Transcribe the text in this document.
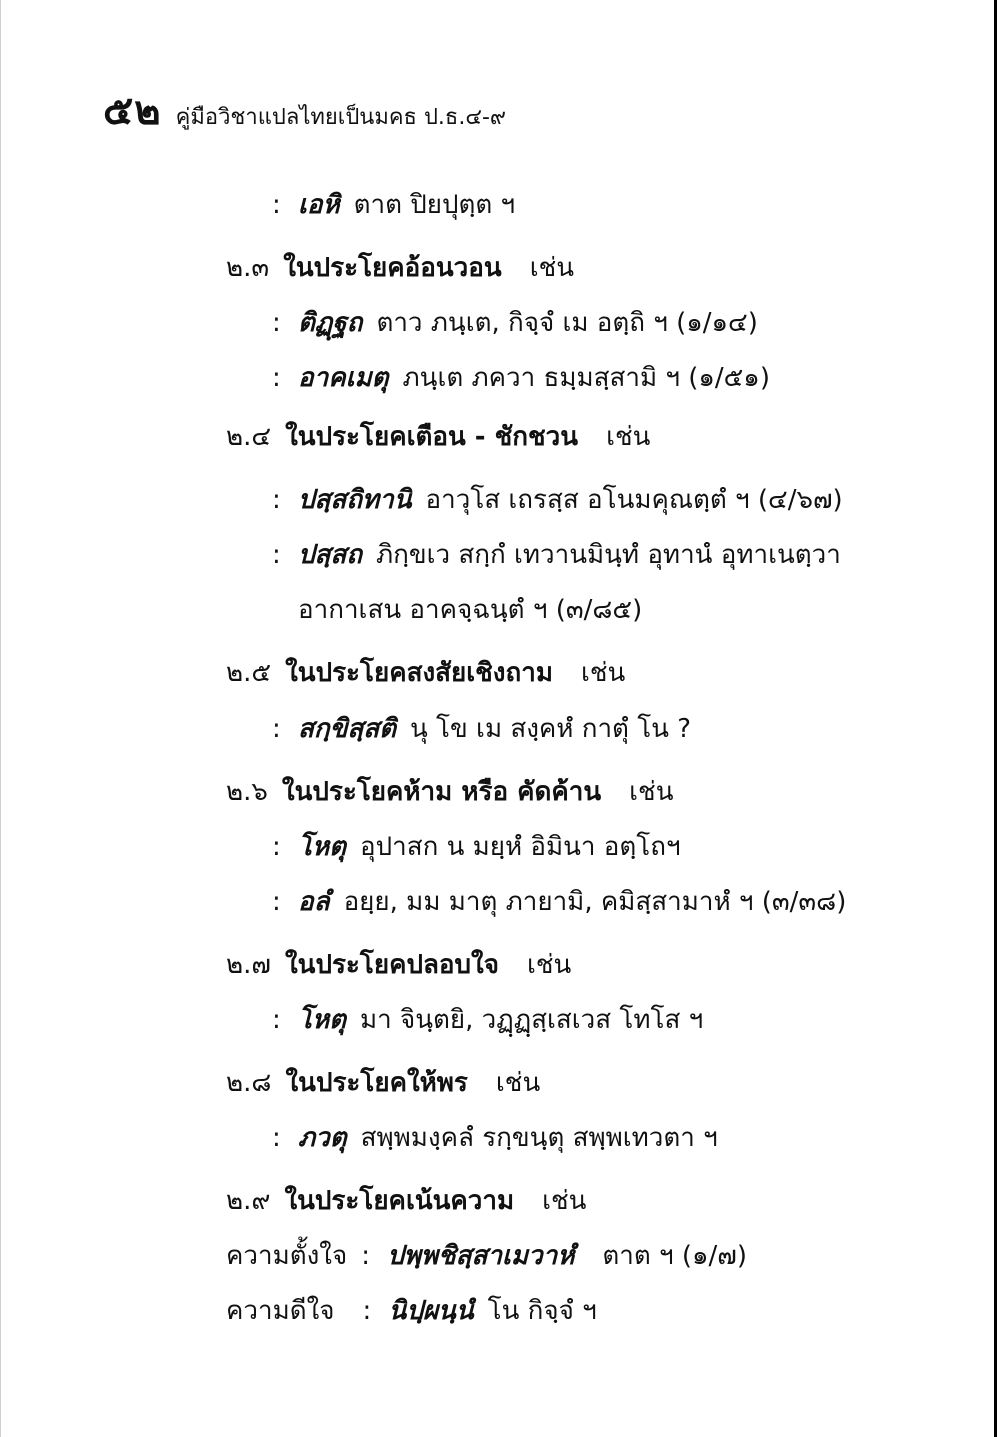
๕๒ คู่มือวิชาแปลไทยเป็นมคธ ป.ธ.๔-๙
: เอหิ ตาต ปิยปุตฺต ฯ
๒.๓ ในประโยคอ้อนวอน เช่น
: ติฏฺฐถ ตาว ภนฺเต, กิจฺจํ เม อตฺถิ ฯ (๑/๑๔)
: อาคเมตุ ภนฺเต ภควา ธมฺมสฺสามิ ฯ (๑/๕๑)
๒.๔ ในประโยคเตือน - ชักชวน เช่น
: ปสฺสถิทานิ อาวุโส เถรสฺส อโนมคุณตฺตํ ฯ (๔/๖๗)
: ปสฺสถ ภิกฺขเว สกฺกํ เทวานมินฺทํ อุทานํ อุทาเนตฺวา
อากาเสน อาคจฺฉนฺตํ ฯ (๓/๘๕)
๒.๕ ในประโยคสงสัยเชิงถาม เช่น
: สกฺขิสฺสติ นุ โข เม สงฺคหํ กาตุํ โน ?
๒.๖ ในประโยคห้าม หรือ คัดค้าน เช่น
: โหตุ อุปาสก น มยฺหํ อิมินา อตฺโถฯ
: อลํ อยฺย, มม มาตุ ภายามิ, คมิสฺสามาหํ ฯ (๓/๓๘)
๒.๗ ในประโยคปลอบใจ เช่น
: โหตุ มา จินฺตยิ, วฏฺฏฺสฺเสเวส โทโส ฯ
๒.๘ ในประโยคให้พร เช่น
: ภวตุ สพฺพมงฺคลํ รกฺขนฺตุ สพฺพเทวตา ฯ
๒.๙ ในประโยคเน้นความ เช่น
ความตั้งใจ : ปพฺพชิสฺสาเมวาหํ ตาต ฯ (๑/๗)
ความดีใจ : นิปฺผนฺนํ โน กิจฺจํ ฯ
